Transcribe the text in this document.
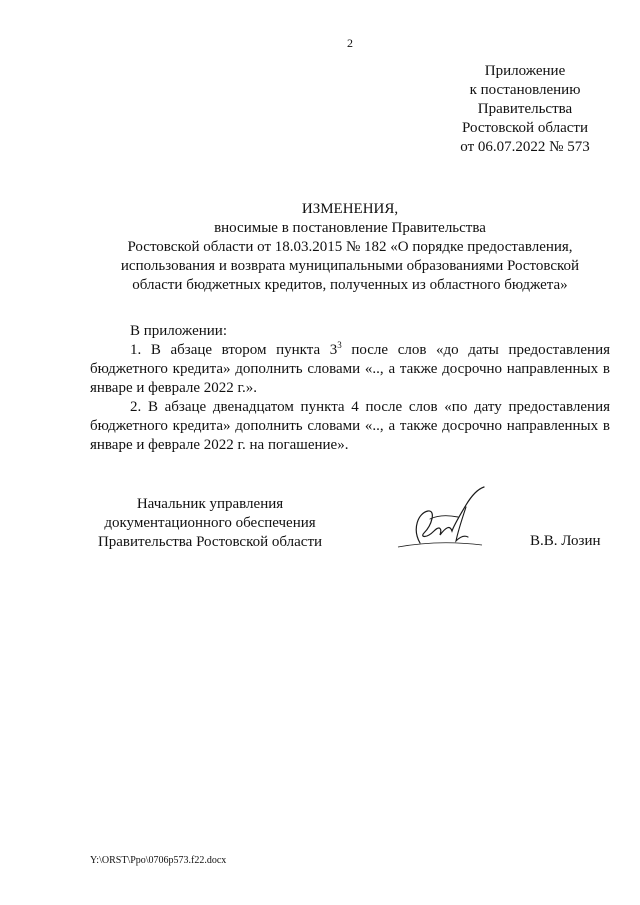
2
Приложение
к постановлению
Правительства
Ростовской области
от 06.07.2022 № 573
ИЗМЕНЕНИЯ,
вносимые в постановление Правительства
Ростовской области от 18.03.2015 № 182 «О порядке предоставления,
использования и возврата муниципальными образованиями Ростовской
области бюджетных кредитов, полученных из областного бюджета»

В приложении:

1. В абзаце втором пункта $3^3$ после слов «до даты предоставления бюджетного кредита» дополнить словами «.., а также досрочно направленных в январе и феврале 2022 г.».

2. В абзаце двенадцатом пункта 4 после слов «по дату предоставления бюджетного кредита» дополнить словами «.., а также досрочно направленных в январе и феврале 2022 г. на погашение».

Начальник управления
документационного обеспечения
Правительства Ростовской области	В.В. Лозин
Y:\ORST\Ppo\0706p573.f22.docx
